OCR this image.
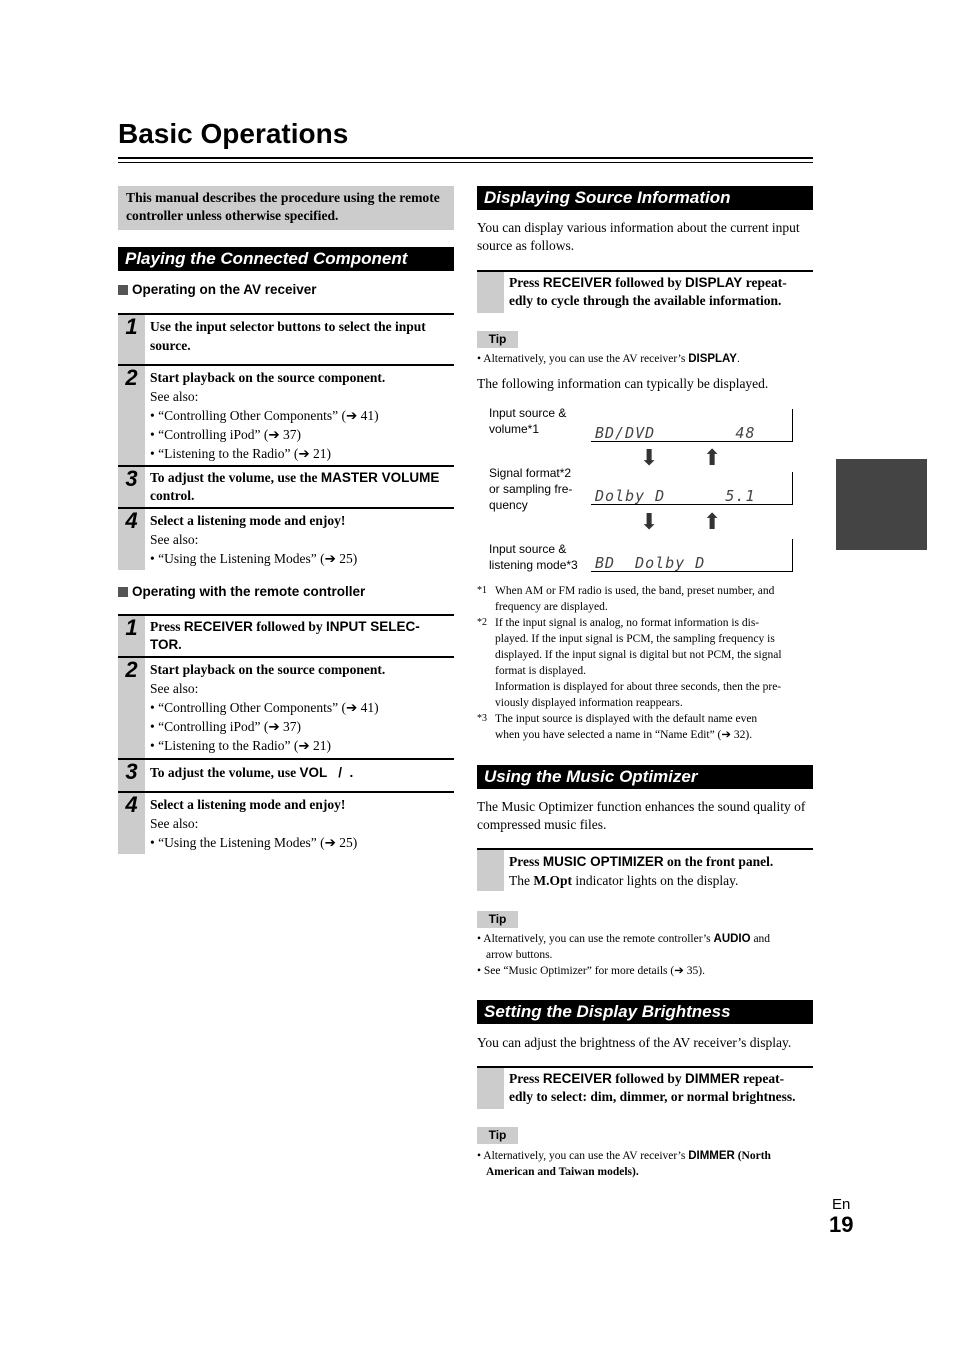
Basic Operations
This manual describes the procedure using the remote controller unless otherwise specified.
Playing the Connected Component
Operating on the AV receiver
1 Use the input selector buttons to select the input source.
2 Start playback on the source component.
See also:
• “Controlling Other Components” (➔ 41)
• “Controlling iPod” (➔ 37)
• “Listening to the Radio” (➔ 21)
3 To adjust the volume, use the MASTER VOLUME
control.
4 Select a listening mode and enjoy!
See also:
• “Using the Listening Modes” (➔ 25)
Operating with the remote controller
1 Press RECEIVER followed by INPUT SELEC-
TOR.
2 Start playback on the source component.
See also:
• “Controlling Other Components” (➔ 41)
• “Controlling iPod” (➔ 37)
• “Listening to the Radio” (➔ 21)
3 To adjust the volume, use VOL   /  .
4 Select a listening mode and enjoy!
See also:
• “Using the Listening Modes” (➔ 25)
Displaying Source Information
You can display various information about the current input source as follows.
Press RECEIVER followed by DISPLAY repeat-
edly to cycle through the available information.
Tip
• Alternatively, you can use the AV receiver’s DISPLAY.
The following information can typically be displayed.
Input source &
volume*1	BD/DVD        48
⬇ ⬆
Signal format*2
or sampling fre-
quency	Dolby D      5.1
⬇ ⬆
Input source &
listening mode*3 BD  Dolby D
*1 When AM or FM radio is used, the band, preset number, and
frequency are displayed.
*2 If the input signal is analog, no format information is dis-
played. If the input signal is PCM, the sampling frequency is
displayed. If the input signal is digital but not PCM, the signal
format is displayed.
Information is displayed for about three seconds, then the pre-
viously displayed information reappears.
*3 The input source is displayed with the default name even
when you have selected a name in “Name Edit” (➔ 32).
Using the Music Optimizer
The Music Optimizer function enhances the sound quality of compressed music files.
Press MUSIC OPTIMIZER on the front panel.
The M.Opt indicator lights on the display.
Tip
• Alternatively, you can use the remote controller’s AUDIO and
arrow buttons.
• See “Music Optimizer” for more details (➔ 35).
Setting the Display Brightness
You can adjust the brightness of the AV receiver’s display.
Press RECEIVER followed by DIMMER repeat-
edly to select: dim, dimmer, or normal brightness.
Tip
• Alternatively, you can use the AV receiver’s DIMMER (North
American and Taiwan models).
En
19
